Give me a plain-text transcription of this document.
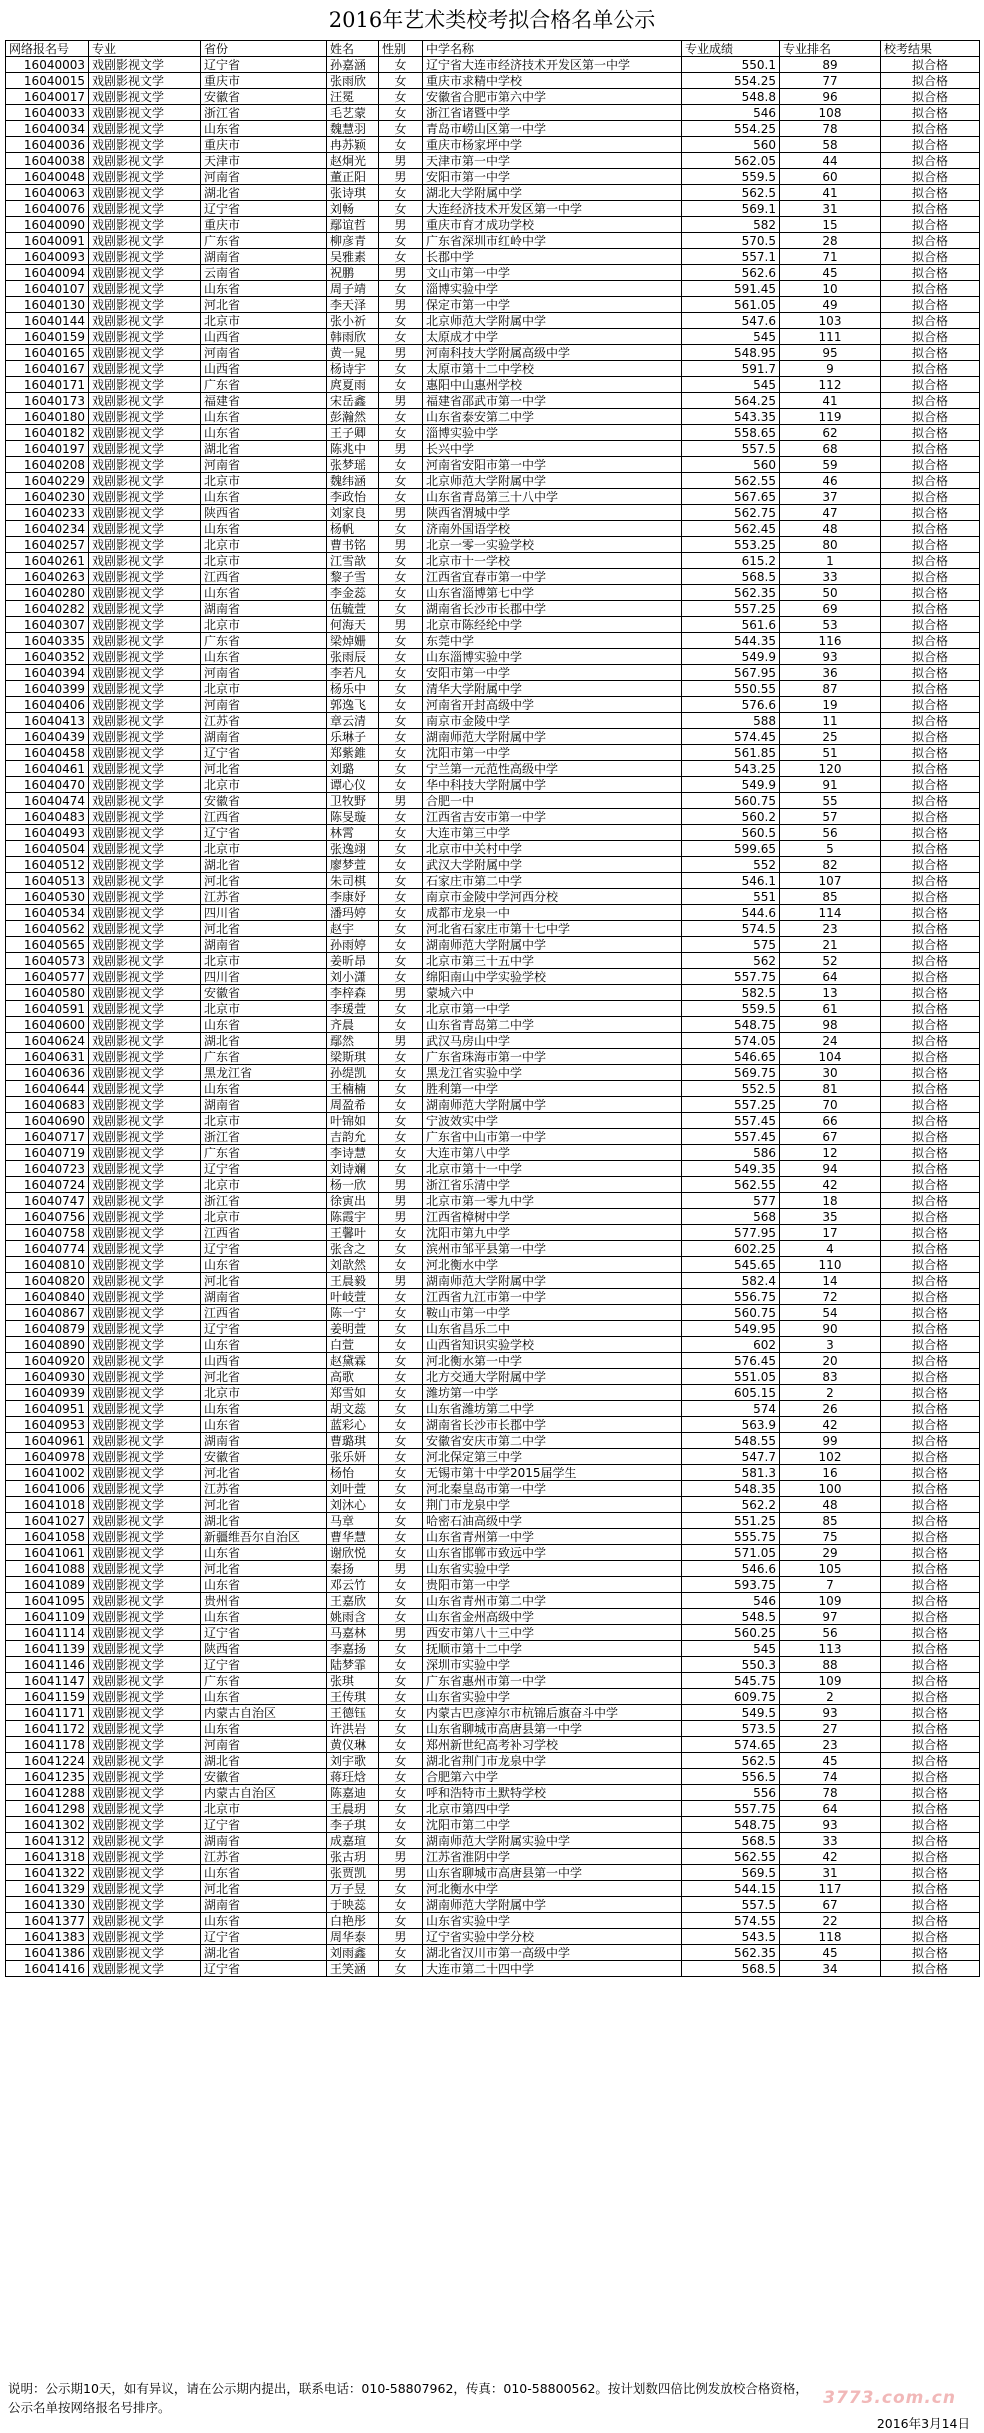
2016年艺术类校考拟合格名单公示
网络报名号	专业	省份	姓名	性别	中学名称	专业成绩	专业排名	校考结果
16040003	戏剧影视文学	辽宁省	孙嘉涵	女	辽宁省大连市经济技术开发区第一中学	550.1	89	拟合格
16040015	戏剧影视文学	重庆市	张雨欣	女	重庆市求精中学校	554.25	77	拟合格
16040017	戏剧影视文学	安徽省	汪冕	女	安徽省合肥市第六中学	548.8	96	拟合格
16040033	戏剧影视文学	浙江省	毛艺蒙	女	浙江省诸暨中学	546	108	拟合格
16040034	戏剧影视文学	山东省	魏慧羽	女	青岛市崂山区第一中学	554.25	78	拟合格
16040036	戏剧影视文学	重庆市	冉苏颖	女	重庆市杨家坪中学	560	58	拟合格
16040038	戏剧影视文学	天津市	赵炯光	男	天津市第一中学	562.05	44	拟合格
16040048	戏剧影视文学	河南省	董正阳	男	安阳市第一中学	559.5	60	拟合格
16040063	戏剧影视文学	湖北省	张诗琪	女	湖北大学附属中学	562.5	41	拟合格
16040076	戏剧影视文学	辽宁省	刘畅	女	大连经济技术开发区第一中学	569.1	31	拟合格
16040090	戏剧影视文学	重庆市	鄢谊哲	男	重庆市育才成功学校	582	15	拟合格
16040091	戏剧影视文学	广东省	柳彦青	女	广东省深圳市红岭中学	570.5	28	拟合格
16040093	戏剧影视文学	湖南省	吴雅素	女	长郡中学	557.1	71	拟合格
16040094	戏剧影视文学	云南省	祝鹏	男	文山市第一中学	562.6	45	拟合格
16040107	戏剧影视文学	山东省	周子靖	女	淄博实验中学	591.45	10	拟合格
16040130	戏剧影视文学	河北省	李天泽	男	保定市第一中学	561.05	49	拟合格
16040144	戏剧影视文学	北京市	张小祈	女	北京师范大学附属中学	547.6	103	拟合格
16040159	戏剧影视文学	山西省	韩雨欣	女	太原成才中学	545	111	拟合格
16040165	戏剧影视文学	河南省	黄一晁	男	河南科技大学附属高级中学	548.95	95	拟合格
16040167	戏剧影视文学	山西省	杨诗宇	女	太原市第十二中学校	591.7	9	拟合格
16040171	戏剧影视文学	广东省	庹夏雨	女	惠阳中山惠州学校	545	112	拟合格
16040173	戏剧影视文学	福建省	宋岳鑫	男	福建省邵武市第一中学	564.25	41	拟合格
16040180	戏剧影视文学	山东省	彭瀚然	女	山东省泰安第二中学	543.35	119	拟合格
16040182	戏剧影视文学	山东省	王子卿	女	淄博实验中学	558.65	62	拟合格
16040197	戏剧影视文学	湖北省	陈兆中	男	长兴中学	557.5	68	拟合格
16040208	戏剧影视文学	河南省	张梦瑶	女	河南省安阳市第一中学	560	59	拟合格
16040229	戏剧影视文学	北京市	魏纬涵	女	北京师范大学附属中学	562.55	46	拟合格
16040230	戏剧影视文学	山东省	李政怡	女	山东省青岛第三十八中学	567.65	37	拟合格
16040233	戏剧影视文学	陕西省	刘家良	男	陕西省渭城中学	562.75	47	拟合格
16040234	戏剧影视文学	山东省	杨帆	女	济南外国语学校	562.45	48	拟合格
16040257	戏剧影视文学	北京市	曹书铭	男	北京一零一实验学校	553.25	80	拟合格
16040261	戏剧影视文学	北京市	江雪歆	女	北京市十一学校	615.2	1	拟合格
16040263	戏剧影视文学	江西省	黎子雪	女	江西省宜春市第一中学	568.5	33	拟合格
16040280	戏剧影视文学	山东省	李金蕊	女	山东省淄博第七中学	562.35	50	拟合格
16040282	戏剧影视文学	湖南省	伍毓萱	女	湖南省长沙市长郡中学	557.25	69	拟合格
16040307	戏剧影视文学	北京市	何海天	男	北京市陈经纶中学	561.6	53	拟合格
16040335	戏剧影视文学	广东省	梁焯姗	女	东莞中学	544.35	116	拟合格
16040352	戏剧影视文学	山东省	张雨辰	女	山东淄博实验中学	549.9	93	拟合格
16040394	戏剧影视文学	河南省	李若凡	女	安阳市第一中学	567.95	36	拟合格
16040399	戏剧影视文学	北京市	杨乐中	女	清华大学附属中学	550.55	87	拟合格
16040406	戏剧影视文学	河南省	郭逸飞	女	河南省开封高级中学	576.6	19	拟合格
16040413	戏剧影视文学	江苏省	章云清	女	南京市金陵中学	588	11	拟合格
16040439	戏剧影视文学	湖南省	乐琳子	女	湖南师范大学附属中学	574.45	25	拟合格
16040458	戏剧影视文学	辽宁省	郑紫錐	女	沈阳市第一中学	561.85	51	拟合格
16040461	戏剧影视文学	河北省	刘璐	女	宁兰第一元范性高级中学	543.25	120	拟合格
16040470	戏剧影视文学	北京市	谭心仪	女	华中科技大学附属中学	549.9	91	拟合格
16040474	戏剧影视文学	安徽省	卫牧野	男	合肥一中	560.75	55	拟合格
16040483	戏剧影视文学	江西省	陈旻璇	女	江西省吉安市第一中学	560.2	57	拟合格
16040493	戏剧影视文学	辽宁省	林霄	女	大连市第三中学	560.5	56	拟合格
16040504	戏剧影视文学	北京市	张逸翊	女	北京市中关村中学	599.65	5	拟合格
16040512	戏剧影视文学	湖北省	廖梦萱	女	武汉大学附属中学	552	82	拟合格
16040513	戏剧影视文学	河北省	朱司棋	女	石家庄市第二中学	546.1	107	拟合格
16040530	戏剧影视文学	江苏省	李康妤	女	南京市金陵中学河西分校	551	85	拟合格
16040534	戏剧影视文学	四川省	潘玛婷	女	成都市龙泉一中	544.6	114	拟合格
16040562	戏剧影视文学	河北省	赵宇	女	河北省石家庄市第十七中学	574.5	23	拟合格
16040565	戏剧影视文学	湖南省	孙雨婷	女	湖南师范大学附属中学	575	21	拟合格
16040573	戏剧影视文学	北京市	姜昕昂	女	北京市第三十五中学	562	52	拟合格
16040577	戏剧影视文学	四川省	刘小潇	女	绵阳南山中学实验学校	557.75	64	拟合格
16040580	戏剧影视文学	安徽省	李梓森	男	蒙城六中	582.5	13	拟合格
16040591	戏剧影视文学	北京市	李瑗萱	女	北京市第一中学	559.5	61	拟合格
16040600	戏剧影视文学	山东省	齐晨	女	山东省青岛第二中学	548.75	98	拟合格
16040624	戏剧影视文学	湖北省	鄢然	男	武汉马房山中学	574.05	24	拟合格
16040631	戏剧影视文学	广东省	梁斯琪	女	广东省珠海市第一中学	546.65	104	拟合格
16040636	戏剧影视文学	黑龙江省	孙缇凯	女	黑龙江省实验中学	569.75	30	拟合格
16040644	戏剧影视文学	山东省	王楠楠	女	胜利第一中学	552.5	81	拟合格
16040683	戏剧影视文学	湖南省	周盈希	女	湖南师范大学附属中学	557.25	70	拟合格
16040690	戏剧影视文学	北京市	叶锦如	女	宁波效实中学	557.45	66	拟合格
16040717	戏剧影视文学	浙江省	吉韵允	女	广东省中山市第一中学	557.45	67	拟合格
16040719	戏剧影视文学	广东省	李诗慧	女	大连市第八中学	586	12	拟合格
16040723	戏剧影视文学	辽宁省	刘诗斓	女	北京市第十一中学	549.35	94	拟合格
16040724	戏剧影视文学	北京市	杨一欣	男	浙江省乐清中学	562.55	42	拟合格
16040747	戏剧影视文学	浙江省	徐寅出	男	北京市第一零九中学	577	18	拟合格
16040756	戏剧影视文学	北京市	陈霞宇	男	江西省樟树中学	568	35	拟合格
16040758	戏剧影视文学	江西省	王馨叶	女	沈阳市第九中学	577.95	17	拟合格
16040774	戏剧影视文学	辽宁省	张含之	女	滨州市邹平县第一中学	602.25	4	拟合格
16040810	戏剧影视文学	山东省	刘歆然	女	河北衡水中学	545.65	110	拟合格
16040820	戏剧影视文学	河北省	王晨毅	男	湖南师范大学附属中学	582.4	14	拟合格
16040840	戏剧影视文学	湖南省	叶岐萱	女	江西省九江市第一中学	556.75	72	拟合格
16040867	戏剧影视文学	江西省	陈一宁	女	鞍山市第一中学	560.75	54	拟合格
16040879	戏剧影视文学	辽宁省	姜明萱	女	山东省昌乐二中	549.95	90	拟合格
16040890	戏剧影视文学	山东省	白萱	女	山西省知识实验学校	602	3	拟合格
16040920	戏剧影视文学	山西省	赵黛霖	女	河北衡水第一中学	576.45	20	拟合格
16040930	戏剧影视文学	河北省	高歌	女	北方交通大学附属中学	551.05	83	拟合格
16040939	戏剧影视文学	北京市	郑雪如	女	潍坊第一中学	605.15	2	拟合格
16040951	戏剧影视文学	山东省	胡文蕊	女	山东省潍坊第二中学	574	26	拟合格
16040953	戏剧影视文学	山东省	蓝彩心	女	湖南省长沙市长郡中学	563.9	42	拟合格
16040961	戏剧影视文学	湖南省	曹璐琪	女	安徽省安庆市第二中学	548.55	99	拟合格
16040978	戏剧影视文学	安徽省	张乐妍	女	河北保定第三中学	547.7	102	拟合格
16041002	戏剧影视文学	河北省	杨怡	女	无锡市第十中学2015届学生	581.3	16	拟合格
16041006	戏剧影视文学	江苏省	刘叶萱	女	河北秦皇岛市第一中学	548.35	100	拟合格
16041018	戏剧影视文学	河北省	刘沐心	女	荆门市龙泉中学	562.2	48	拟合格
16041027	戏剧影视文学	湖北省	马章	女	哈密石油高级中学	551.25	85	拟合格
16041058	戏剧影视文学	新疆维吾尔自治区	曹华慧	女	山东省青州第一中学	555.75	75	拟合格
16041061	戏剧影视文学	山东省	谢欣悦	女	山东省邯郸市致远中学	571.05	29	拟合格
16041088	戏剧影视文学	河北省	秦扬	男	山东省实验中学	546.6	105	拟合格
16041089	戏剧影视文学	山东省	邓云竹	女	贵阳市第一中学	593.75	7	拟合格
16041095	戏剧影视文学	贵州省	王嘉欣	女	山东省青州市第二中学	546	109	拟合格
16041109	戏剧影视文学	山东省	姚雨含	女	山东省金州高级中学	548.5	97	拟合格
16041114	戏剧影视文学	辽宁省	马嘉林	男	西安市第八十三中学	560.25	56	拟合格
16041139	戏剧影视文学	陕西省	李嘉扬	女	抚顺市第十二中学	545	113	拟合格
16041146	戏剧影视文学	辽宁省	陆梦霏	女	深圳市实验中学	550.3	88	拟合格
16041147	戏剧影视文学	广东省	张琪	女	广东省惠州市第一中学	545.75	109	拟合格
16041159	戏剧影视文学	山东省	王传琪	女	山东省实验中学	609.75	2	拟合格
16041171	戏剧影视文学	内蒙古自治区	王德钰	女	内蒙古巴彦淖尔市杭锦后旗奋斗中学	549.5	93	拟合格
16041172	戏剧影视文学	山东省	许洪岩	女	山东省聊城市高唐县第一中学	573.5	27	拟合格
16041178	戏剧影视文学	河南省	黄仪琳	女	郑州新世纪高考补习学校	574.65	23	拟合格
16041224	戏剧影视文学	湖北省	刘宇歌	女	湖北省荆门市龙泉中学	562.5	45	拟合格
16041235	戏剧影视文学	安徽省	蒋玨焓	女	合肥第六中学	556.5	74	拟合格
16041288	戏剧影视文学	内蒙古自治区	陈嘉迪	女	呼和浩特市土默特学校	556	78	拟合格
16041298	戏剧影视文学	北京市	王晨玥	女	北京市第四中学	557.75	64	拟合格
16041302	戏剧影视文学	辽宁省	李子琪	女	沈阳市第二中学	548.75	93	拟合格
16041312	戏剧影视文学	湖南省	成嘉瑄	女	湖南师范大学附属实验中学	568.5	33	拟合格
16041318	戏剧影视文学	江苏省	张古玥	男	江苏省淮阴中学	562.55	42	拟合格
16041322	戏剧影视文学	山东省	张贾凯	男	山东省聊城市高唐县第一中学	569.5	31	拟合格
16041329	戏剧影视文学	河北省	万子昱	女	河北衡水中学	544.15	117	拟合格
16041330	戏剧影视文学	湖南省	于映蕊	女	湖南师范大学附属中学	557.5	67	拟合格
16041377	戏剧影视文学	山东省	白艳彤	女	山东省实验中学	574.55	22	拟合格
16041383	戏剧影视文学	辽宁省	周华泰	男	辽宁省实验中学分校	543.5	118	拟合格
16041386	戏剧影视文学	湖北省	刘雨鑫	女	湖北省汉川市第一高级中学	562.35	45	拟合格
16041416	戏剧影视文学	辽宁省	王笑涵	女	大连市第二十四中学	568.5	34	拟合格
说明：公示期10天，如有异议，请在公示期内提出，联系电话：010-58807962，传真：010-58800562。按计划数四倍比例发放校合格资格，
公示名单按网络报名号排序。	3773.com.cn
2016年3月14日
